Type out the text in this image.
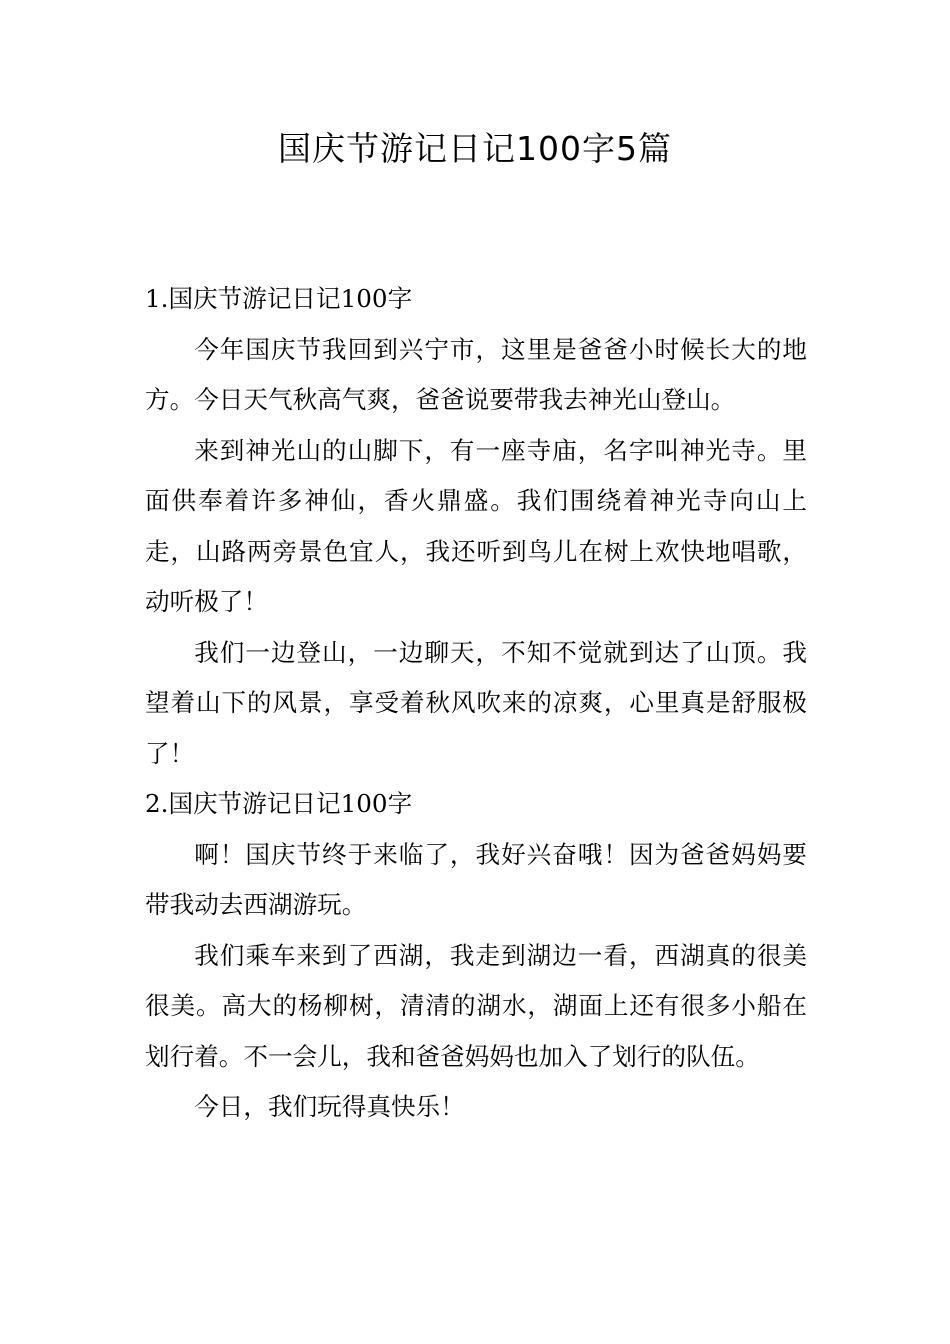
国庆节游记日记100字5篇

1.国庆节游记日记100字

今年国庆节我回到兴宁市，这里是爸爸小时候长大的地方。今日天气秋高气爽，爸爸说要带我去神光山登山。

来到神光山的山脚下，有一座寺庙，名字叫神光寺。里面供奉着许多神仙，香火鼎盛。我们围绕着神光寺向山上走，山路两旁景色宜人，我还听到鸟儿在树上欢快地唱歌，动听极了！

我们一边登山，一边聊天，不知不觉就到达了山顶。我望着山下的风景，享受着秋风吹来的凉爽，心里真是舒服极了！

2.国庆节游记日记100字

啊！国庆节终于来临了，我好兴奋哦！因为爸爸妈妈要带我动去西湖游玩。

我们乘车来到了西湖，我走到湖边一看，西湖真的很美很美。高大的杨柳树，清清的湖水，湖面上还有很多小船在划行着。不一会儿，我和爸爸妈妈也加入了划行的队伍。

今日，我们玩得真快乐！
